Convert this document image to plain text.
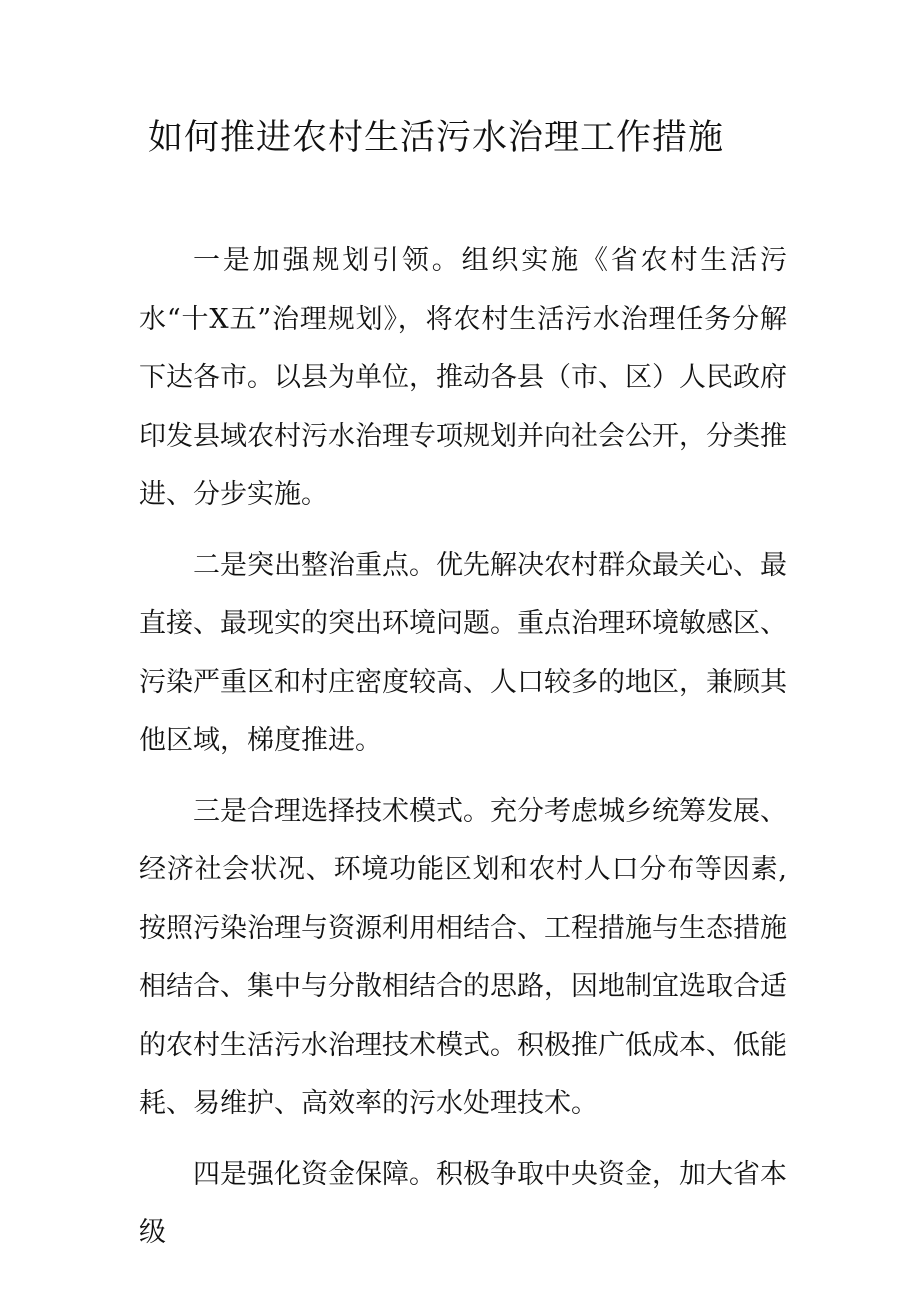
如何推进农村生活污水治理工作措施

一是加强规划引领。组织实施《省农村生活污水“十X五”治理规划》，将农村生活污水治理任务分解下达各市。以县为单位，推动各县（市、区）人民政府印发县域农村污水治理专项规划并向社会公开，分类推进、分步实施。

二是突出整治重点。优先解决农村群众最关心、最直接、最现实的突出环境问题。重点治理环境敏感区、污染严重区和村庄密度较高、人口较多的地区，兼顾其他区域，梯度推进。

三是合理选择技术模式。充分考虑城乡统筹发展、经济社会状况、环境功能区划和农村人口分布等因素,按照污染治理与资源利用相结合、工程措施与生态措施相结合、集中与分散相结合的思路，因地制宜选取合适的农村生活污水治理技术模式。积极推广低成本、低能耗、易维护、高效率的污水处理技术。

四是强化资金保障。积极争取中央资金，加大省本级
